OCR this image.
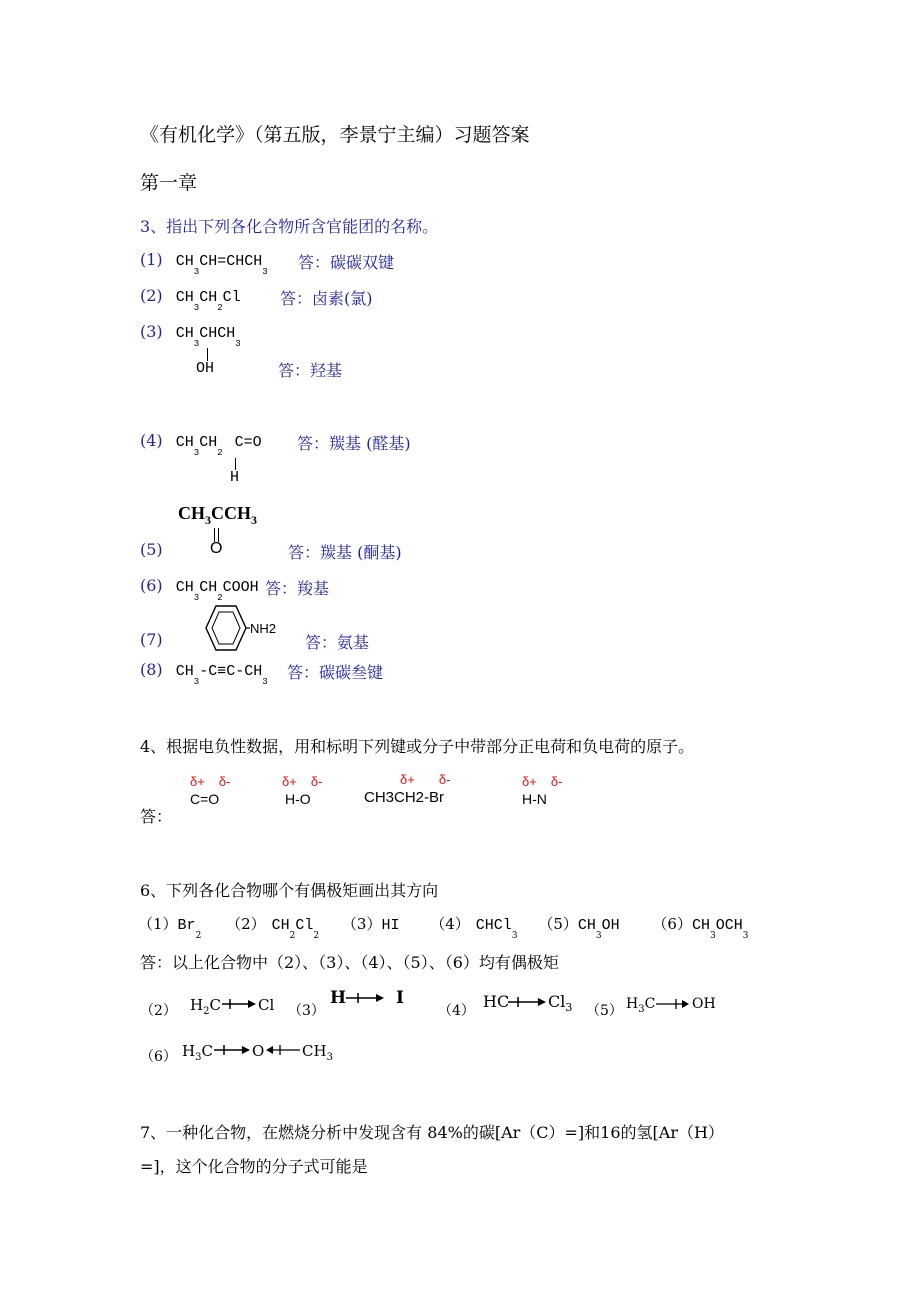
《有机化学》（第五版，李景宁主编）习题答案
第一章
3、指出下列各化合物所含官能团的名称。
(1) $CH_3CH=CHCH_3$ 答：碳碳双键
(2) $CH_3CH_2Cl$ 答：卤素(氯)
(3) $CH_3CHCH_3$
OH	答：羟基
(4) $CH_3CH_2C=O$
H
答：羰基 (醛基)
$CH_3CCH_3$
O
(5)	答：羰基 (酮基)
(6) $CH_3CH_2COOH$ 答：羧基
(7)
NH2
答：氨基
(8) $CH_3-C\equiv C-CH_3$ 答：碳碳叁键
4、根据电负性数据，用和标明下列键或分子中带部分正电荷和负电荷的原子。
答：
δ+ δ-
C=O
δ+ δ-
H-O
δ+ δ-
CH3CH2-Br
δ+ δ-
H-N
6、下列各化合物哪个有偶极矩画出其方向
$(1)Br_2$ （2） $CH_2Cl_2$ （3）HI （4） CHCl$_3$ $(5)CH_3OH$ $(6)CH_3OCH_3$
答：以上化合物中（2）、（3）、（4）、（5）、（6）均有偶极矩
（2） $H_2C$ Cl （3）
H	I
（4） HC $Cl_3$ （5） $H_3C$	OH
（6） $H_3C$	O	$CH_3$
7、一种化合物，在燃烧分析中发现含有 84%的碳[Ar（C）=]和16的氢[Ar（H）
=]，这个化合物的分子式可能是
